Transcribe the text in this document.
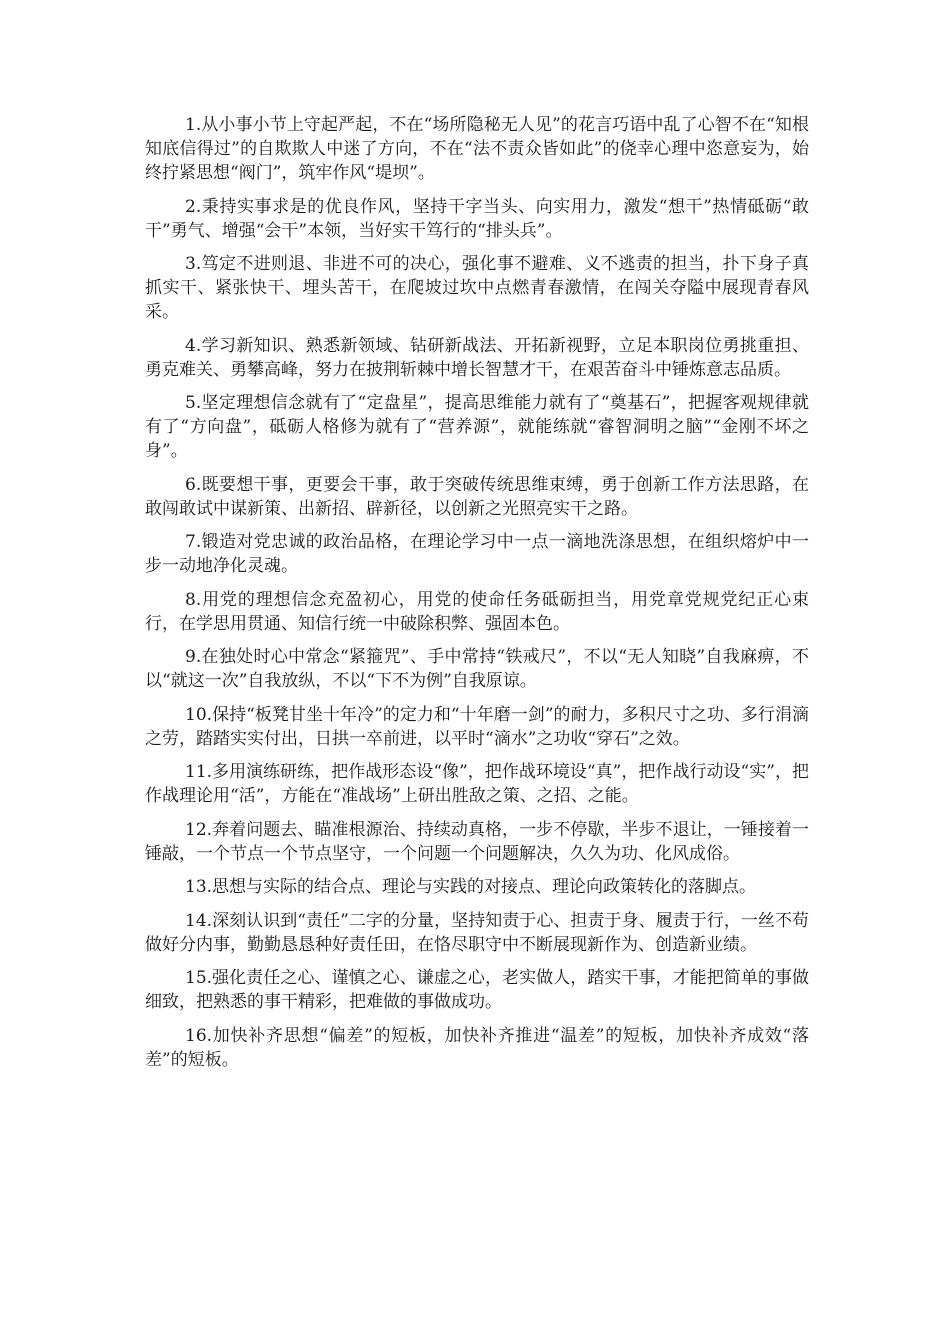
1.从小事小节上守起严起，不在“场所隐秘无人见”的花言巧语中乱了心智不在“知根知底信得过”的自欺欺人中迷了方向，不在“法不责众皆如此”的侥幸心理中恣意妄为，始终拧紧思想“阀门”，筑牢作风“堤坝”。

2.秉持实事求是的优良作风，坚持干字当头、向实用力，激发“想干”热情砥砺“敢干”勇气、增强“会干”本领，当好实干笃行的“排头兵”。

3.笃定不进则退、非进不可的决心，强化事不避难、义不逃责的担当，扑下身子真抓实干、紧张快干、埋头苦干，在爬坡过坎中点燃青春激情，在闯关夺隘中展现青春风采。

4.学习新知识、熟悉新领域、钻研新战法、开拓新视野，立足本职岗位勇挑重担、勇克难关、勇攀高峰，努力在披荆斩棘中增长智慧才干，在艰苦奋斗中锤炼意志品质。

5.坚定理想信念就有了“定盘星”，提高思维能力就有了“奠基石”，把握客观规律就有了“方向盘”，砥砺人格修为就有了“营养源”，就能练就“睿智洞明之脑”“金刚不坏之身”。

6.既要想干事，更要会干事，敢于突破传统思维束缚，勇于创新工作方法思路，在敢闯敢试中谋新策、出新招、辟新径，以创新之光照亮实干之路。

7.锻造对党忠诚的政治品格，在理论学习中一点一滴地洗涤思想，在组织熔炉中一步一动地净化灵魂。

8.用党的理想信念充盈初心，用党的使命任务砥砺担当，用党章党规党纪正心束行，在学思用贯通、知信行统一中破除积弊、强固本色。

9.在独处时心中常念“紧箍咒”、手中常持“铁戒尺”，不以“无人知晓”自我麻痹，不以“就这一次”自我放纵，不以“下不为例”自我原谅。

10.保持“板凳甘坐十年冷”的定力和“十年磨一剑”的耐力，多积尺寸之功、多行涓滴之劳，踏踏实实付出，日拱一卒前进，以平时“滴水”之功收“穿石”之效。

11.多用演练研练，把作战形态设“像”，把作战环境设“真”，把作战行动设“实”，把作战理论用“活”，方能在“准战场”上研出胜敌之策、之招、之能。

12.奔着问题去、瞄准根源治、持续动真格，一步不停歇，半步不退让，一锤接着一锤敲，一个节点一个节点坚守，一个问题一个问题解决，久久为功、化风成俗。

13.思想与实际的结合点、理论与实践的对接点、理论向政策转化的落脚点。

14.深刻认识到“责任”二字的分量，坚持知责于心、担责于身、履责于行，一丝不苟做好分内事，勤勤恳恳种好责任田，在恪尽职守中不断展现新作为、创造新业绩。

15.强化责任之心、谨慎之心、谦虚之心，老实做人，踏实干事，才能把简单的事做细致，把熟悉的事干精彩，把难做的事做成功。

16.加快补齐思想“偏差”的短板，加快补齐推进“温差”的短板，加快补齐成效“落差”的短板。
